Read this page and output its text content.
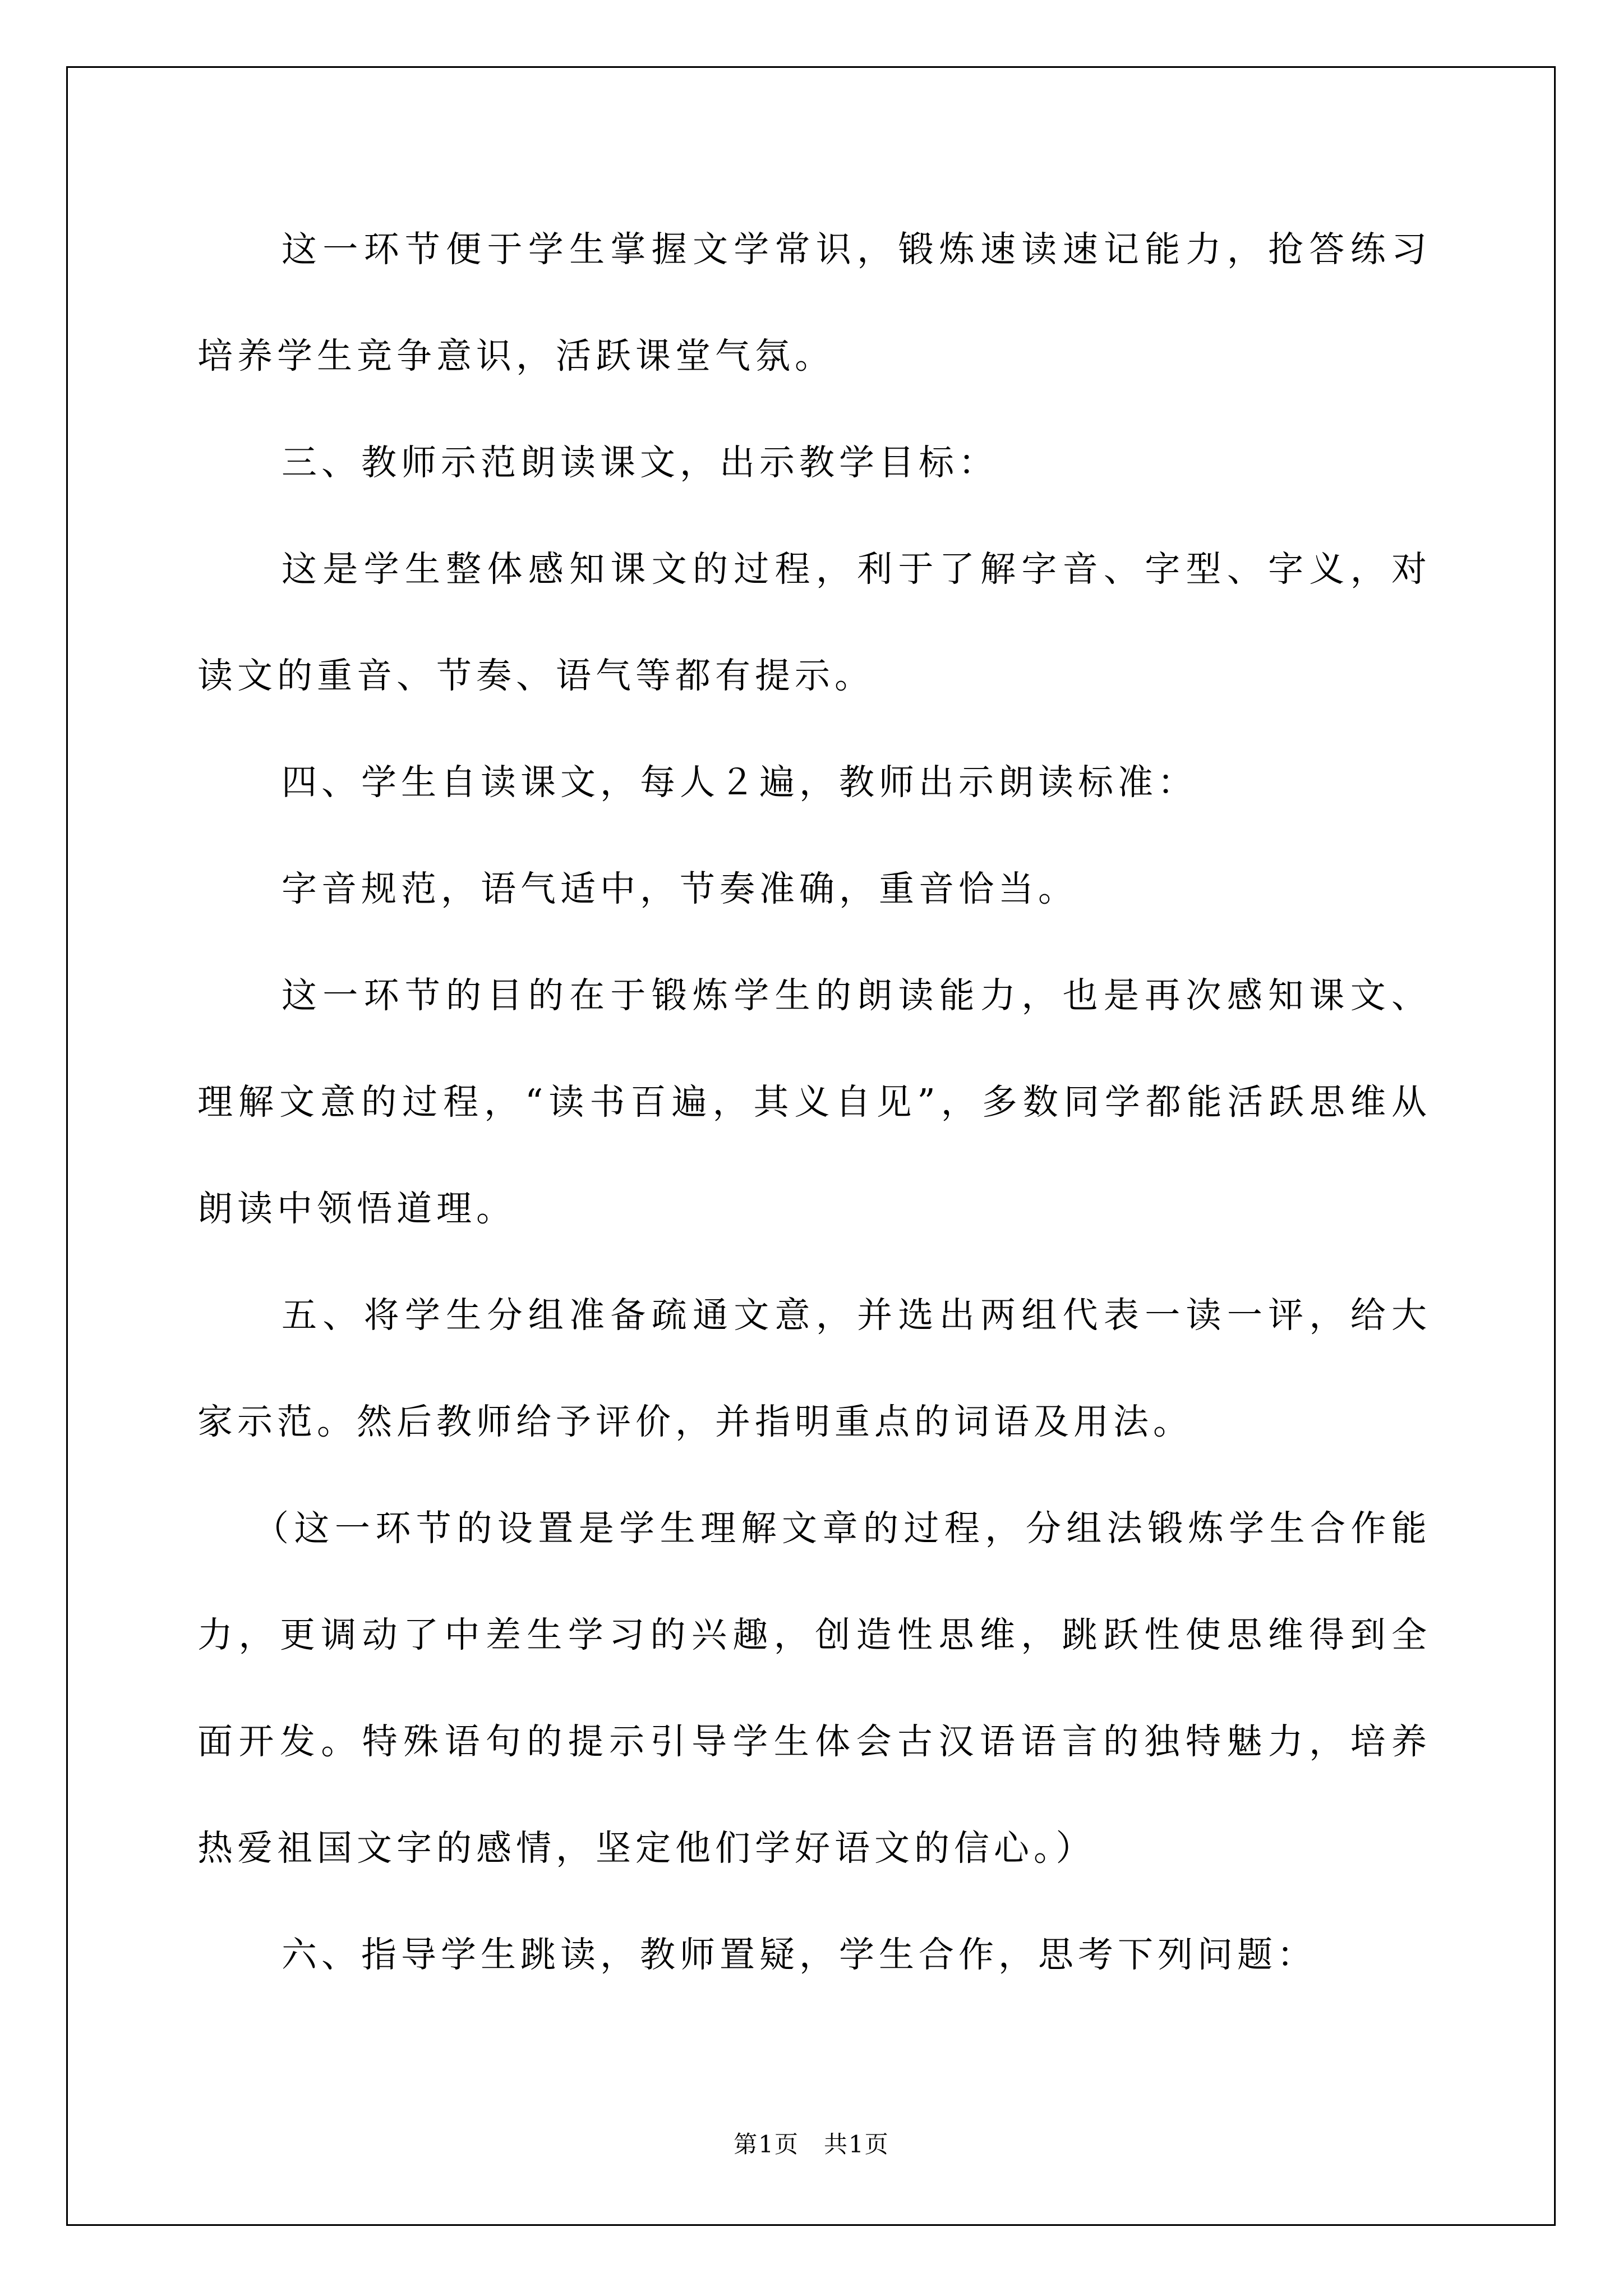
这一环节便于学生掌握文学常识，锻炼速读速记能力，抢答练习培养学生竞争意识，活跃课堂气氛。

三、教师示范朗读课文，出示教学目标：

这是学生整体感知课文的过程，利于了解字音、字型、字义，对读文的重音、节奏、语气等都有提示。

四、学生自读课文，每人２遍，教师出示朗读标准：

字音规范，语气适中，节奏准确，重音恰当。

这一环节的目的在于锻炼学生的朗读能力，也是再次感知课文、理解文意的过程，“读书百遍，其义自见”，多数同学都能活跃思维从朗读中领悟道理。

五、将学生分组准备疏通文意，并选出两组代表一读一评，给大家示范。然后教师给予评价，并指明重点的词语及用法。

（这一环节的设置是学生理解文章的过程，分组法锻炼学生合作能力，更调动了中差生学习的兴趣，创造性思维，跳跃性使思维得到全面开发。特殊语句的提示引导学生体会古汉语语言的独特魅力，培养热爱祖国文字的感情，坚定他们学好语文的信心。）

六、指导学生跳读，教师置疑，学生合作，思考下列问题：

第1页　共1页
